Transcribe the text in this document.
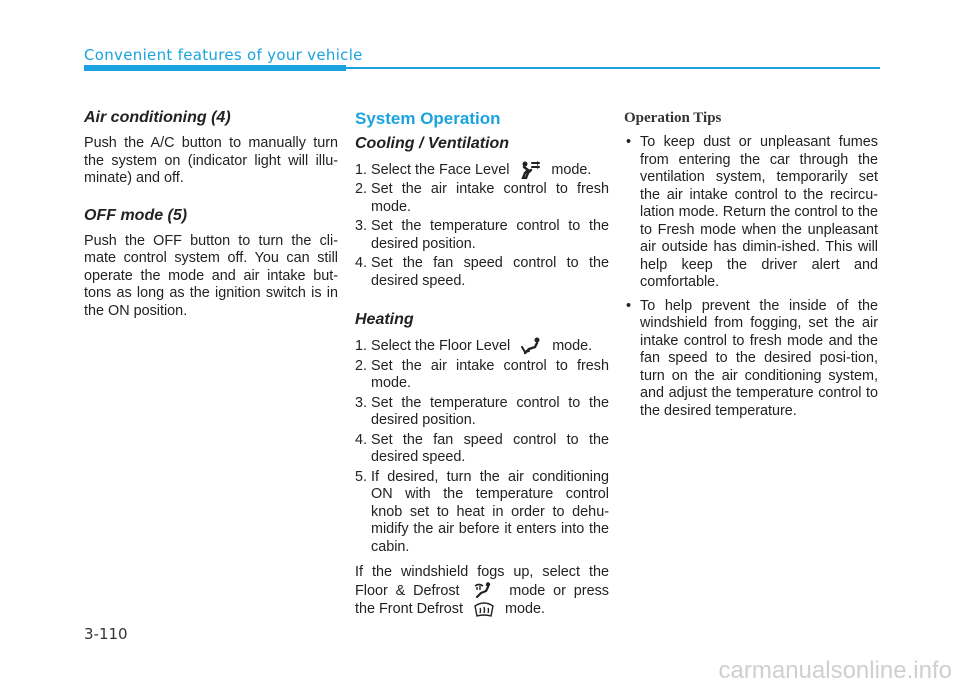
Convenient features of your vehicle
Air conditioning (4)

Push the A/C button to manually turn the system on (indicator light will illu-minate) and off.

OFF mode (5)

Push the OFF button to turn the cli-mate control system off. You can still operate the mode and air intake but-tons as long as the ignition switch is in the ON position.

System Operation
Cooling / Ventilation
1. Select the Face Level	mode.
2. Set the air intake control to fresh mode.
3. Set the temperature control to the desired position.
4. Set the fan speed control to the desired speed.
Heating
1. Select the Floor Level	mode.
2. Set the air intake control to fresh mode.
3. Set the temperature control to the desired position.
4. Set the fan speed control to the desired speed.
5. If desired, turn the air conditioning ON with the temperature control knob set to heat in order to dehu-midify the air before it enters into the cabin.

If the windshield fogs up, select the Floor & Defrost	mode or press the Front Defrost	mode.

Operation Tips
• To keep dust or unpleasant fumes from entering the car through the ventilation system, temporarily set the air intake control to the recircu-lation mode. Return the control to the to Fresh mode when the unpleasant air outside has dimin-ished. This will help keep the driver alert and comfortable.
• To help prevent the inside of the windshield from fogging, set the air intake control to fresh mode and the fan speed to the desired posi-tion, turn on the air conditioning system, and adjust the temperature control to the desired temperature.
3-110
carmanualsonline.info
